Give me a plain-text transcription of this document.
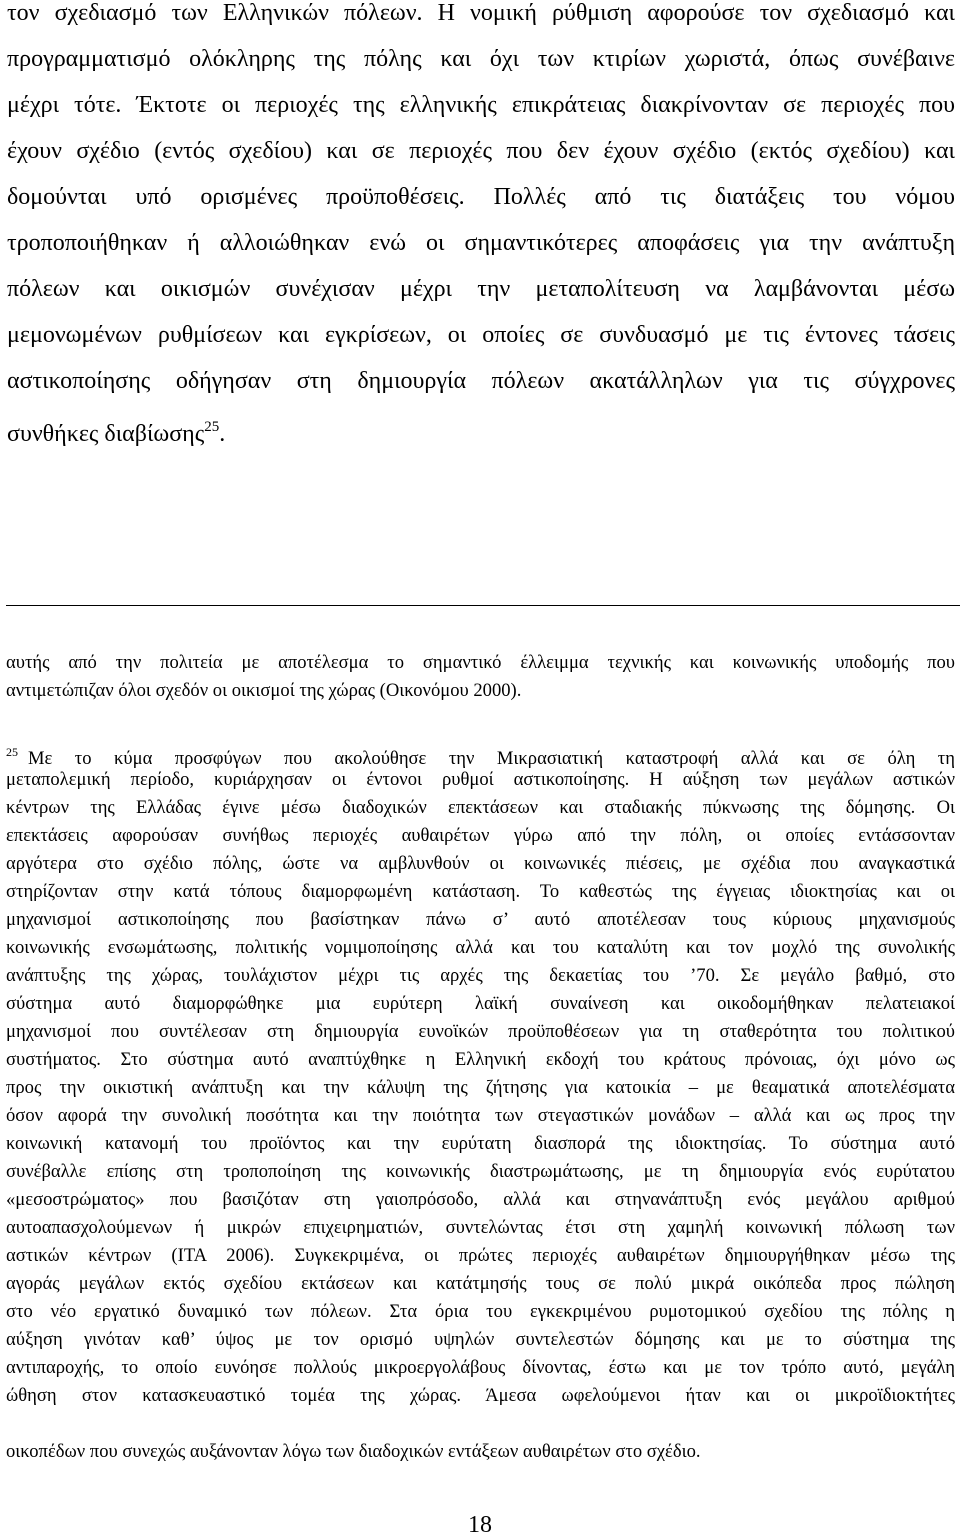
τον σχεδιασμό των Ελληνικών πόλεων. Η νομική ρύθμιση αφορούσε τον σχεδιασμό και
προγραμματισμό ολόκληρης της πόλης και όχι των κτιρίων χωριστά, όπως συνέβαινε
μέχρι τότε. Έκτοτε οι περιοχές της ελληνικής επικράτειας διακρίνονταν σε περιοχές που
έχουν σχέδιο (εντός σχεδίου) και σε περιοχές που δεν έχουν σχέδιο (εκτός σχεδίου) και
δομούνται υπό ορισμένες προϋποθέσεις. Πολλές από τις διατάξεις του νόμου
τροποποιήθηκαν ή αλλοιώθηκαν ενώ οι σημαντικότερες αποφάσεις για την ανάπτυξη
πόλεων και οικισμών συνέχισαν μέχρι την μεταπολίτευση να λαμβάνονται μέσω
μεμονωμένων ρυθμίσεων και εγκρίσεων, οι οποίες σε συνδυασμό με τις έντονες τάσεις
αστικοποίησης οδήγησαν στη δημιουργία πόλεων ακατάλληλων για τις σύγχρονες
συνθήκες διαβίωσης$^{25}$.
αυτής από την πολιτεία με αποτέλεσμα το σημαντικό έλλειμμα τεχνικής και κοινωνικής υποδομής που
αντιμετώπιζαν όλοι σχεδόν οι οικισμοί της χώρας (Οικονόμου 2000).
$^{25}$ Με το κύμα προσφύγων που ακολούθησε την Μικρασιατική καταστροφή αλλά και σε όλη τη
μεταπολεμική περίοδο, κυριάρχησαν οι έντονοι ρυθμοί αστικοποίησης. Η αύξηση των μεγάλων αστικών
κέντρων της Ελλάδας έγινε μέσω διαδοχικών επεκτάσεων και σταδιακής πύκνωσης της δόμησης. Οι
επεκτάσεις αφορούσαν συνήθως περιοχές αυθαιρέτων γύρω από την πόλη, οι οποίες εντάσσονταν
αργότερα στο σχέδιο πόλης, ώστε να αμβλυνθούν οι κοινωνικές πιέσεις, με σχέδια που αναγκαστικά
στηρίζονταν στην κατά τόπους διαμορφωμένη κατάσταση. Το καθεστώς της έγγειας ιδιοκτησίας και οι
μηχανισμοί αστικοποίησης που βασίστηκαν πάνω σ’ αυτό αποτέλεσαν τους κύριους μηχανισμούς
κοινωνικής ενσωμάτωσης, πολιτικής νομιμοποίησης αλλά και του καταλύτη και τον μοχλό της συνολικής
ανάπτυξης της χώρας, τουλάχιστον μέχρι τις αρχές της δεκαετίας του ’70. Σε μεγάλο βαθμό, στο
σύστημα αυτό διαμορφώθηκε μια ευρύτερη λαϊκή συναίνεση και οικοδομήθηκαν πελατειακοί
μηχανισμοί που συντέλεσαν στη δημιουργία ευνοϊκών προϋποθέσεων για τη σταθερότητα του πολιτικού
συστήματος. Στο σύστημα αυτό αναπτύχθηκε η Ελληνική εκδοχή του κράτους πρόνοιας, όχι μόνο ως
προς την οικιστική ανάπτυξη και την κάλυψη της ζήτησης για κατοικία – με θεαματικά αποτελέσματα
όσον αφορά την συνολική ποσότητα και την ποιότητα των στεγαστικών μονάδων – αλλά και ως προς την
κοινωνική κατανομή του προϊόντος και την ευρύτατη διασπορά της ιδιοκτησίας. Το σύστημα αυτό
συνέβαλλε επίσης στη τροποποίηση της κοινωνικής διαστρωμάτωσης, με τη δημιουργία ενός ευρύτατου
«μεσοστρώματος» που βασιζόταν στη γαιοπρόσοδο, αλλά και στηνανάπτυξη ενός μεγάλου αριθμού
αυτοαπασχολούμενων ή μικρών επιχειρηματιών, συντελώντας έτσι στη χαμηλή κοινωνική πόλωση των
αστικών κέντρων (ΙΤΑ 2006). Συγκεκριμένα, οι πρώτες περιοχές αυθαιρέτων δημιουργήθηκαν μέσω της
αγοράς μεγάλων εκτός σχεδίου εκτάσεων και κατάτμησής τους σε πολύ μικρά οικόπεδα προς πώληση
στο νέο εργατικό δυναμικό των πόλεων. Στα όρια του εγκεκριμένου ρυμοτομικού σχεδίου της πόλης η
αύξηση γινόταν καθ’ ύψος με τον ορισμό υψηλών συντελεστών δόμησης και με το σύστημα της
αντιπαροχής, το οποίο ευνόησε πολλούς μικροεργολάβους δίνοντας, έστω και με τον τρόπο αυτό, μεγάλη
ώθηση στον κατασκευαστικό τομέα της χώρας. Άμεσα ωφελούμενοι ήταν και οι μικροϊδιοκτήτες
οικοπέδων που συνεχώς αυξάνονταν λόγω των διαδοχικών εντάξεων αυθαιρέτων στο σχέδιο.
18
